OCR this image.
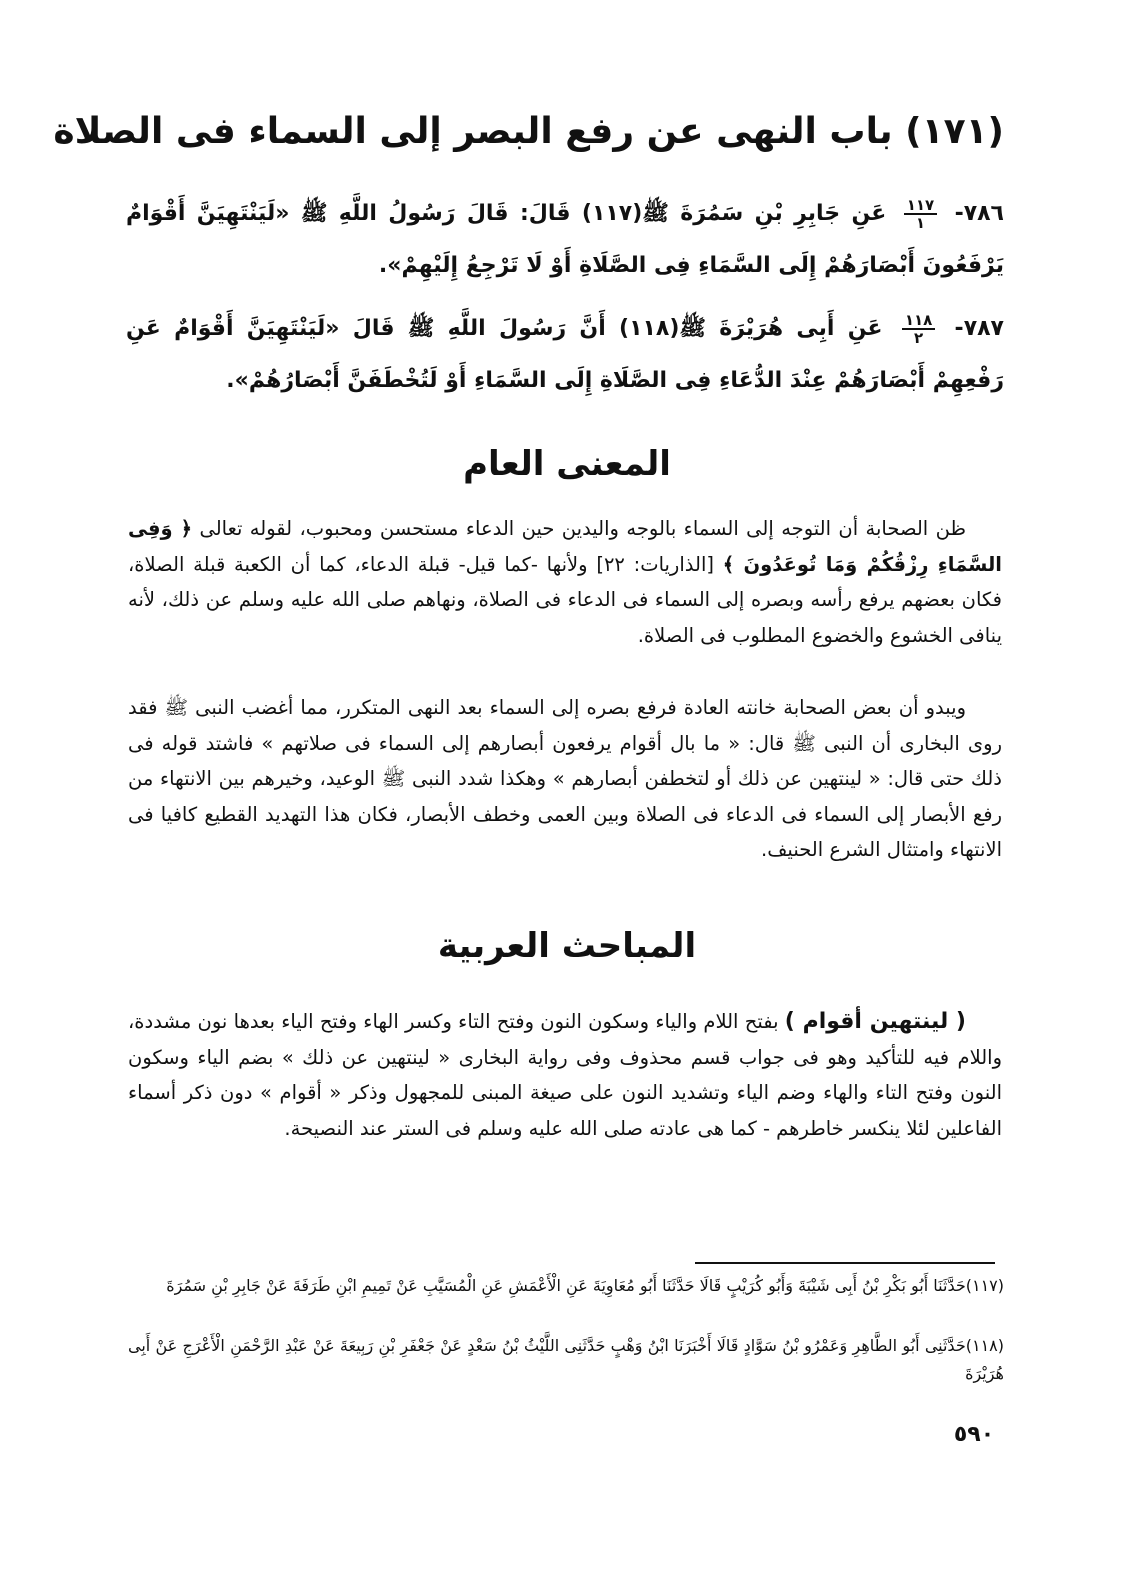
(١٧١) باب النهى عن رفع البصر إلى السماء فى الصلاة
٧٨٦-
$\frac{١١٧}{١}$
عَنِ جَابِرِ بْنِ سَمُرَةَ ﷺ(١١٧) قَالَ: قَالَ رَسُولُ اللَّهِ ﷺ «لَيَنْتَهِيَنَّ أَقْوَامٌ يَرْفَعُونَ أَبْصَارَهُمْ إِلَى السَّمَاءِ فِى الصَّلَاةِ أَوْ لَا تَرْجِعُ إِلَيْهِمْ».
٧٨٧-
$\frac{١١٨}{٢}$
عَنِ أَبِى هُرَيْرَةَ ﷺ(١١٨) أَنَّ رَسُولَ اللَّهِ ﷺ قَالَ «لَيَنْتَهِيَنَّ أَقْوَامٌ عَنِ رَفْعِهِمْ أَبْصَارَهُمْ عِنْدَ الدُّعَاءِ فِى الصَّلَاةِ إِلَى السَّمَاءِ أَوْ لَتُخْطَفَنَّ أَبْصَارُهُمْ».
المعنى العام
ظن الصحابة أن التوجه إلى السماء بالوجه واليدين حين الدعاء مستحسن ومحبوب، لقوله تعالى ﴿ وَفِى السَّمَاءِ رِزْقُكُمْ وَمَا تُوعَدُونَ ﴾ [الذاريات: ٢٢] ولأنها -كما قيل- قبلة الدعاء، كما أن الكعبة قبلة الصلاة، فكان بعضهم يرفع رأسه وبصره إلى السماء فى الدعاء فى الصلاة، ونهاهم صلى الله عليه وسلم عن ذلك، لأنه ينافى الخشوع والخضوع المطلوب فى الصلاة.
ويبدو أن بعض الصحابة خانته العادة فرفع بصره إلى السماء بعد النهى المتكرر، مما أغضب النبى ﷺ فقد روى البخارى أن النبى ﷺ قال: « ما بال أقوام يرفعون أبصارهم إلى السماء فى صلاتهم » فاشتد قوله فى ذلك حتى قال: « لينتهين عن ذلك أو لتخطفن أبصارهم » وهكذا شدد النبى ﷺ الوعيد، وخيرهم بين الانتهاء من رفع الأبصار إلى السماء فى الدعاء فى الصلاة وبين العمى وخطف الأبصار، فكان هذا التهديد القطيع كافيا فى الانتهاء وامتثال الشرع الحنيف.
المباحث العربية
( لينتهين أقوام ) بفتح اللام والياء وسكون النون وفتح التاء وكسر الهاء وفتح الياء بعدها نون مشددة، واللام فيه للتأكيد وهو فى جواب قسم محذوف وفى رواية البخارى « لينتهين عن ذلك » بضم الياء وسكون النون وفتح التاء والهاء وضم الياء وتشديد النون على صيغة المبنى للمجهول وذكر « أقوام » دون ذكر أسماء الفاعلين لئلا ينكسر خاطرهم - كما هى عادته صلى الله عليه وسلم فى الستر عند النصيحة.
(١١٧)حَدَّثَنَا أَبُو بَكْرِ بْنُ أَبِى شَيْبَةَ وَأَبُو كُرَيْبٍ قَالَا حَدَّثَنَا أَبُو مُعَاوِيَةَ عَنِ الْأَعْمَشِ عَنِ الْمُسَيَّبِ عَنْ تَمِيمِ ابْنِ طَرَفَةَ عَنْ جَابِرِ بْنِ سَمُرَةَ
(١١٨)حَدَّثَنِى أَبُو الطَّاهِرِ وَعَمْرُو بْنُ سَوَّادٍ قَالَا أَخْبَرَنَا ابْنُ وَهْبٍ حَدَّثَنِى اللَّيْثُ بْنُ سَعْدٍ عَنْ جَعْفَرِ بْنِ رَبِيعَةَ عَنْ عَبْدِ الرَّحْمَنِ الْأَعْرَجِ عَنْ أَبِى هُرَيْرَةَ
٥٩٠
